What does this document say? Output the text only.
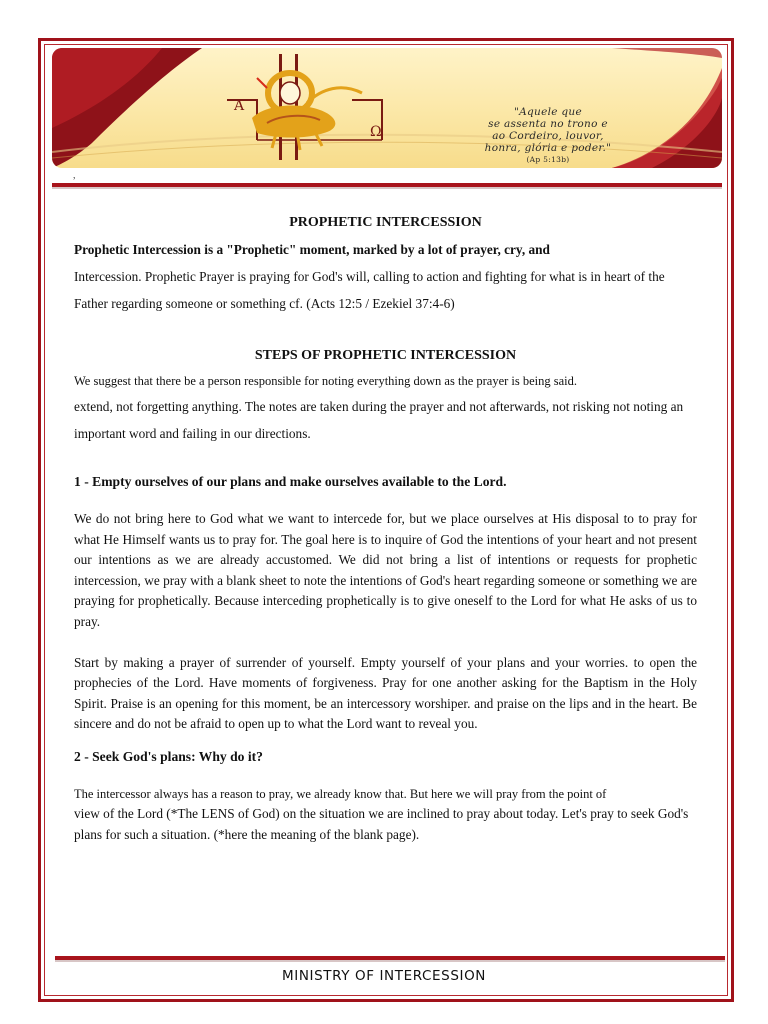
A
Ω
"Aquele que
se assenta no trono e
ao Cordeiro, louvor,
honra, glória e poder."
(Ap 5:13b)
,
PROPHETIC INTERCESSION

Prophetic Intercession is a "Prophetic" moment, marked by a lot of prayer, cry, and

Intercession. Prophetic Prayer is praying for God's will, calling to action and fighting for what is in heart of the Father regarding someone or something cf. (Acts 12:5 / Ezekiel 37:4-6)

STEPS OF PROPHETIC INTERCESSION

We suggest that there be a person responsible for noting everything down as the prayer is being said.

extend, not forgetting anything. The notes are taken during the prayer and not afterwards, not risking not noting an important word and failing in our directions.

1 - Empty ourselves of our plans and make ourselves available to the Lord.

We do not bring here to God what we want to intercede for, but we place ourselves at His disposal to to pray for what He Himself wants us to pray for. The goal here is to inquire of God the intentions of your heart and not present our intentions as we are already accustomed. We did not bring a list of intentions or requests for prophetic intercession, we pray with a blank sheet to note the intentions of God's heart regarding someone or something we are praying for prophetically. Because interceding prophetically is to give oneself to the Lord for what He asks of us to pray.

Start by making a prayer of surrender of yourself. Empty yourself of your plans and your worries. to open the prophecies of the Lord. Have moments of forgiveness. Pray for one another asking for the Baptism in the Holy Spirit. Praise is an opening for this moment, be an intercessory worshiper. and praise on the lips and in the heart. Be sincere and do not be afraid to open up to what the Lord want to reveal you.

2 - Seek God's plans: Why do it?

The intercessor always has a reason to pray, we already know that. But here we will pray from the point of

view of the Lord (*The LENS of God) on the situation we are inclined to pray about today. Let's pray to seek God's plans for such a situation. (*here the meaning of the blank page).

MINISTRY OF INTERCESSION
